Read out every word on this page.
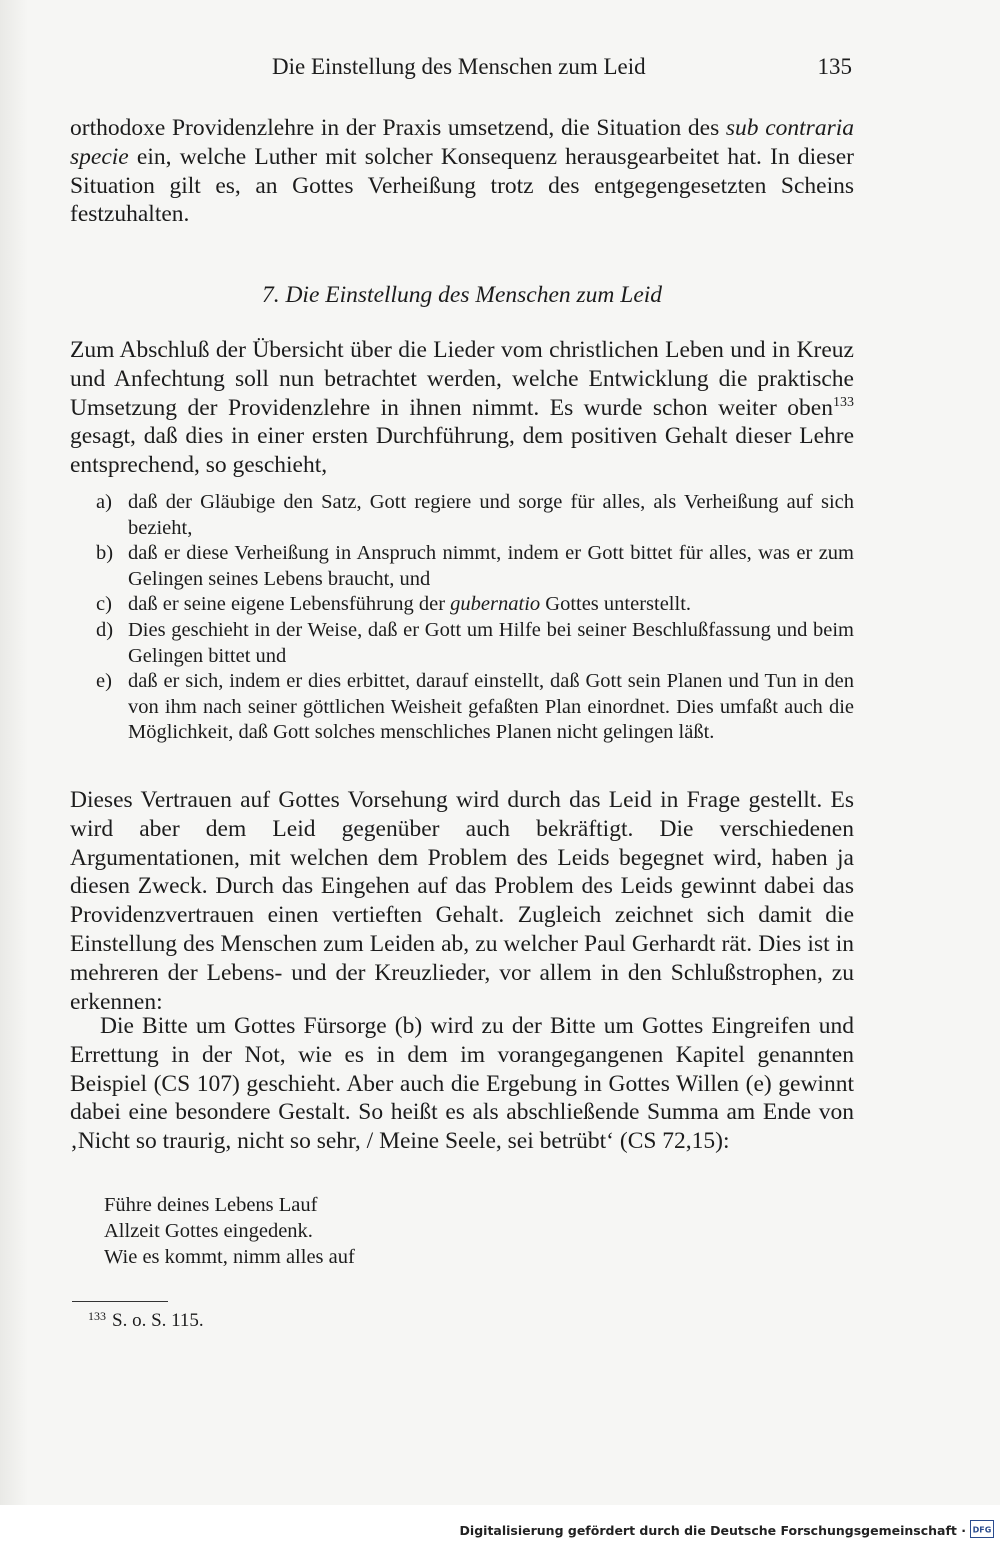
Die Einstellung des Menschen zum Leid	135

orthodoxe Providenzlehre in der Praxis umsetzend, die Situation des sub contraria specie ein, welche Luther mit solcher Konsequenz herausgearbeitet hat. In dieser Situation gilt es, an Gottes Verheißung trotz des entgegengesetzten Scheins festzuhalten.

7. Die Einstellung des Menschen zum Leid

Zum Abschluß der Übersicht über die Lieder vom christlichen Leben und in Kreuz und Anfechtung soll nun betrachtet werden, welche Entwicklung die praktische Umsetzung der Providenzlehre in ihnen nimmt. Es wurde schon weiter oben$^{133}$ gesagt, daß dies in einer ersten Durchführung, dem positiven Gehalt dieser Lehre entsprechend, so geschieht,

a) daß der Gläubige den Satz, Gott regiere und sorge für alles, als Verheißung auf sich bezieht,
b) daß er diese Verheißung in Anspruch nimmt, indem er Gott bittet für alles, was er zum Gelingen seines Lebens braucht, und
c) daß er seine eigene Lebensführung der gubernatio Gottes unterstellt.
d) Dies geschieht in der Weise, daß er Gott um Hilfe bei seiner Beschlußfassung und beim Gelingen bittet und
e) daß er sich, indem er dies erbittet, darauf einstellt, daß Gott sein Planen und Tun in den von ihm nach seiner göttlichen Weisheit gefaßten Plan einordnet. Dies umfaßt auch die Möglichkeit, daß Gott solches menschliches Planen nicht gelingen läßt.

Dieses Vertrauen auf Gottes Vorsehung wird durch das Leid in Frage gestellt. Es wird aber dem Leid gegenüber auch bekräftigt. Die verschiedenen Argumentationen, mit welchen dem Problem des Leids begegnet wird, haben ja diesen Zweck. Durch das Eingehen auf das Problem des Leids gewinnt dabei das Providenzvertrauen einen vertieften Gehalt. Zugleich zeichnet sich damit die Einstellung des Menschen zum Leiden ab, zu welcher Paul Gerhardt rät. Dies ist in mehreren der Lebens- und der Kreuzlieder, vor allem in den Schlußstrophen, zu erkennen:

Die Bitte um Gottes Fürsorge (b) wird zu der Bitte um Gottes Eingreifen und Errettung in der Not, wie es in dem im vorangegangenen Kapitel genannten Beispiel (CS 107) geschieht. Aber auch die Ergebung in Gottes Willen (e) gewinnt dabei eine besondere Gestalt. So heißt es als abschließende Summa am Ende von ‚Nicht so traurig, nicht so sehr, / Meine Seele, sei betrübt‘ (CS 72,15):

Führe deines Lebens Lauf
Allzeit Gottes eingedenk.
Wie es kommt, nimm alles auf
$^{133}$ S. o. S. 115.
Digitalisierung gefördert durch die Deutsche Forschungsgemeinschaft · DFG
